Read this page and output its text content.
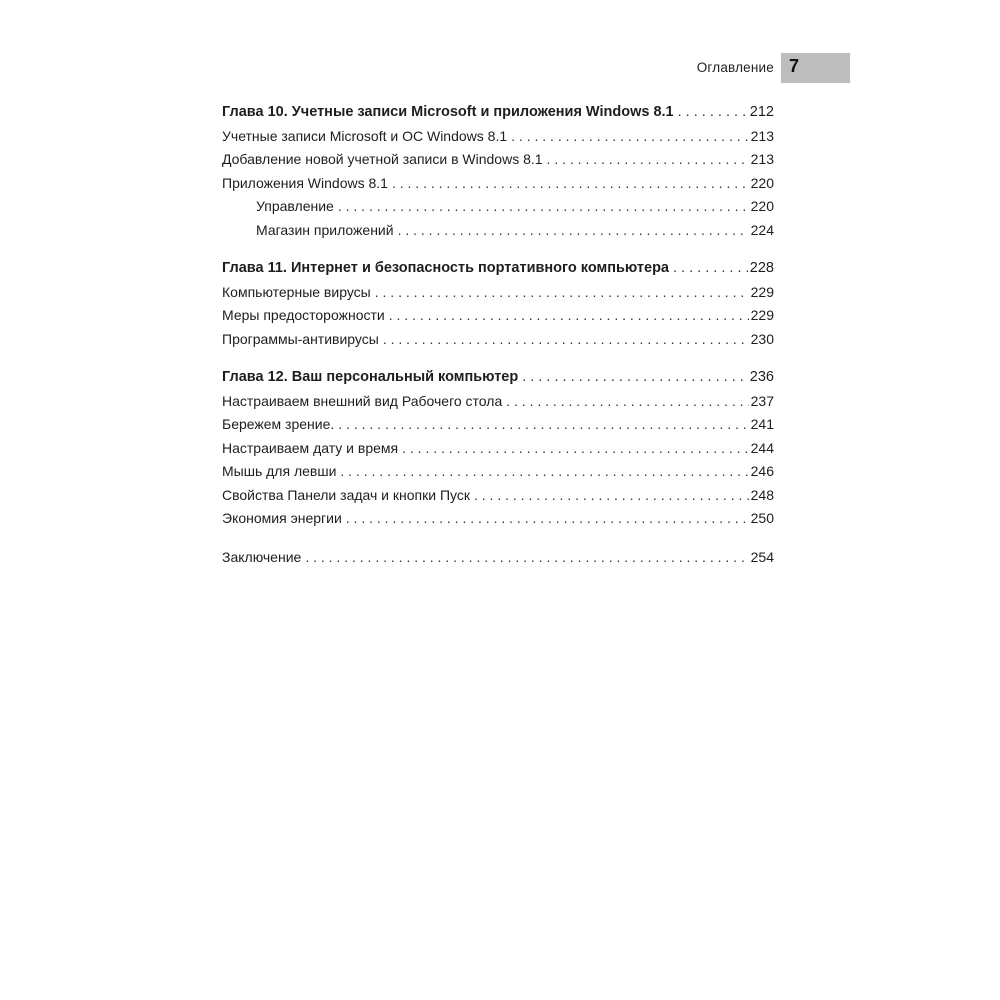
Оглавление 7
Глава 10. Учетные записи Microsoft и приложения Windows 8.1 . . .	212
Учетные записи Microsoft и ОС Windows 8.1 . . .	213
Добавление новой учетной записи в Windows 8.1 . . .	213
Приложения Windows 8.1 . . .	220
Управление . . .	220
Магазин приложений . . .	224
Глава 11. Интернет и безопасность портативного компьютера . . .	228
Компьютерные вирусы . . .	229
Меры предосторожности . . .	229
Программы-антивирусы . . .	230
Глава 12. Ваш персональный компьютер . . .	236
Настраиваем внешний вид Рабочего стола . . .	237
Бережем зрение. . . .	241
Настраиваем дату и время . . .	244
Мышь для левши . . .	246
Свойства Панели задач и кнопки Пуск . . .	248
Экономия энергии . . .	250
Заключение . . .	254
